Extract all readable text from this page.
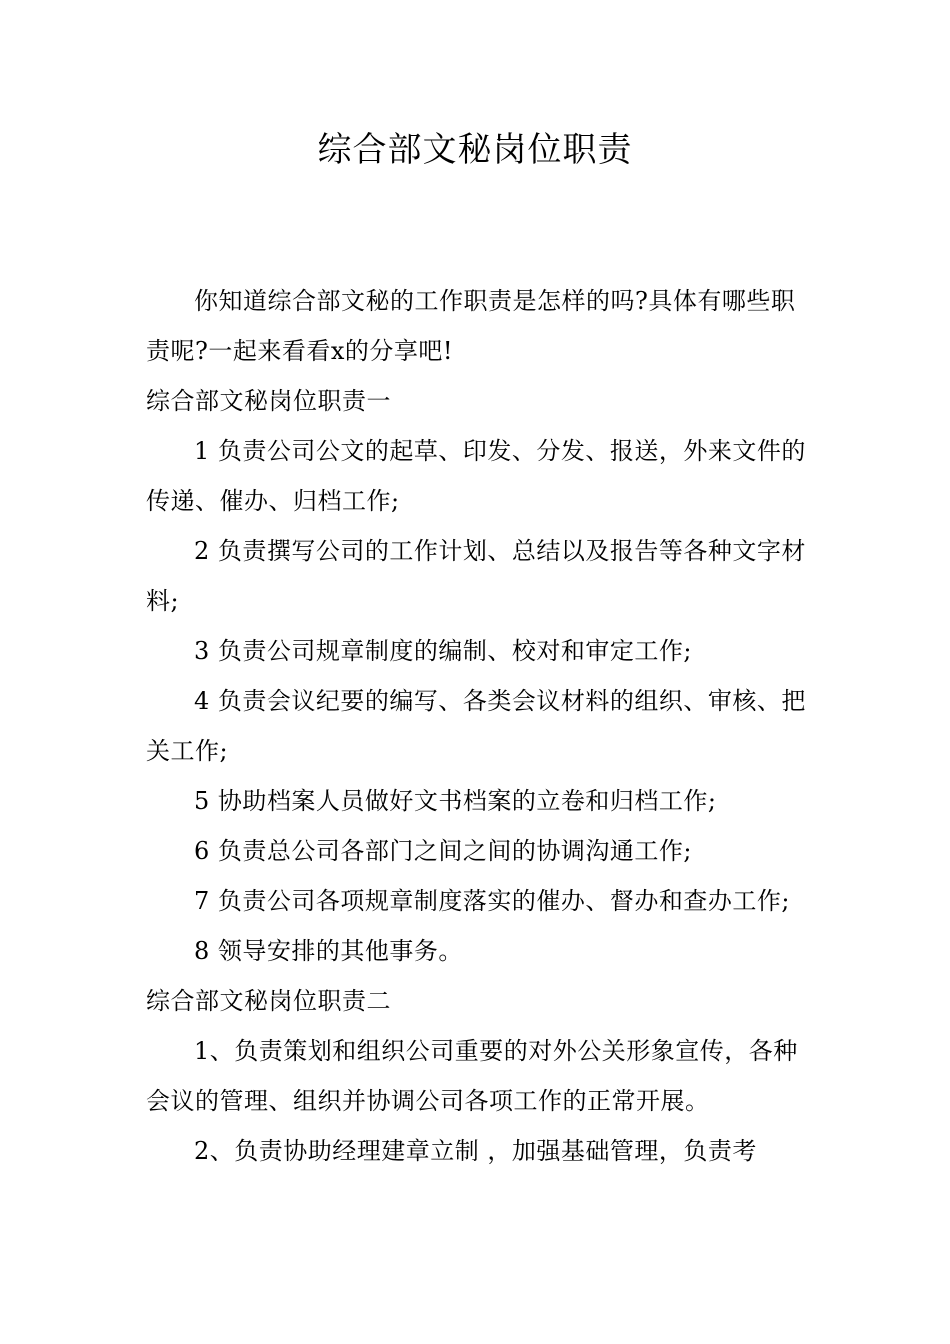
综合部文秘岗位职责

你知道综合部文秘的工作职责是怎样的吗?具体有哪些职责呢?一起来看看x的分享吧!

综合部文秘岗位职责一

1 负责公司公文的起草、印发、分发、报送，外来文件的传递、催办、归档工作;

2 负责撰写公司的工作计划、总结以及报告等各种文字材料;

3 负责公司规章制度的编制、校对和审定工作;

4 负责会议纪要的编写、各类会议材料的组织、审核、把关工作;

5 协助档案人员做好文书档案的立卷和归档工作;

6 负责总公司各部门之间之间的协调沟通工作;

7 负责公司各项规章制度落实的催办、督办和查办工作;

8 领导安排的其他事务。

综合部文秘岗位职责二

1、负责策划和组织公司重要的对外公关形象宣传，各种会议的管理、组织并协调公司各项工作的正常开展。

2、负责协助经理建章立制 ，加强基础管理，负责考
